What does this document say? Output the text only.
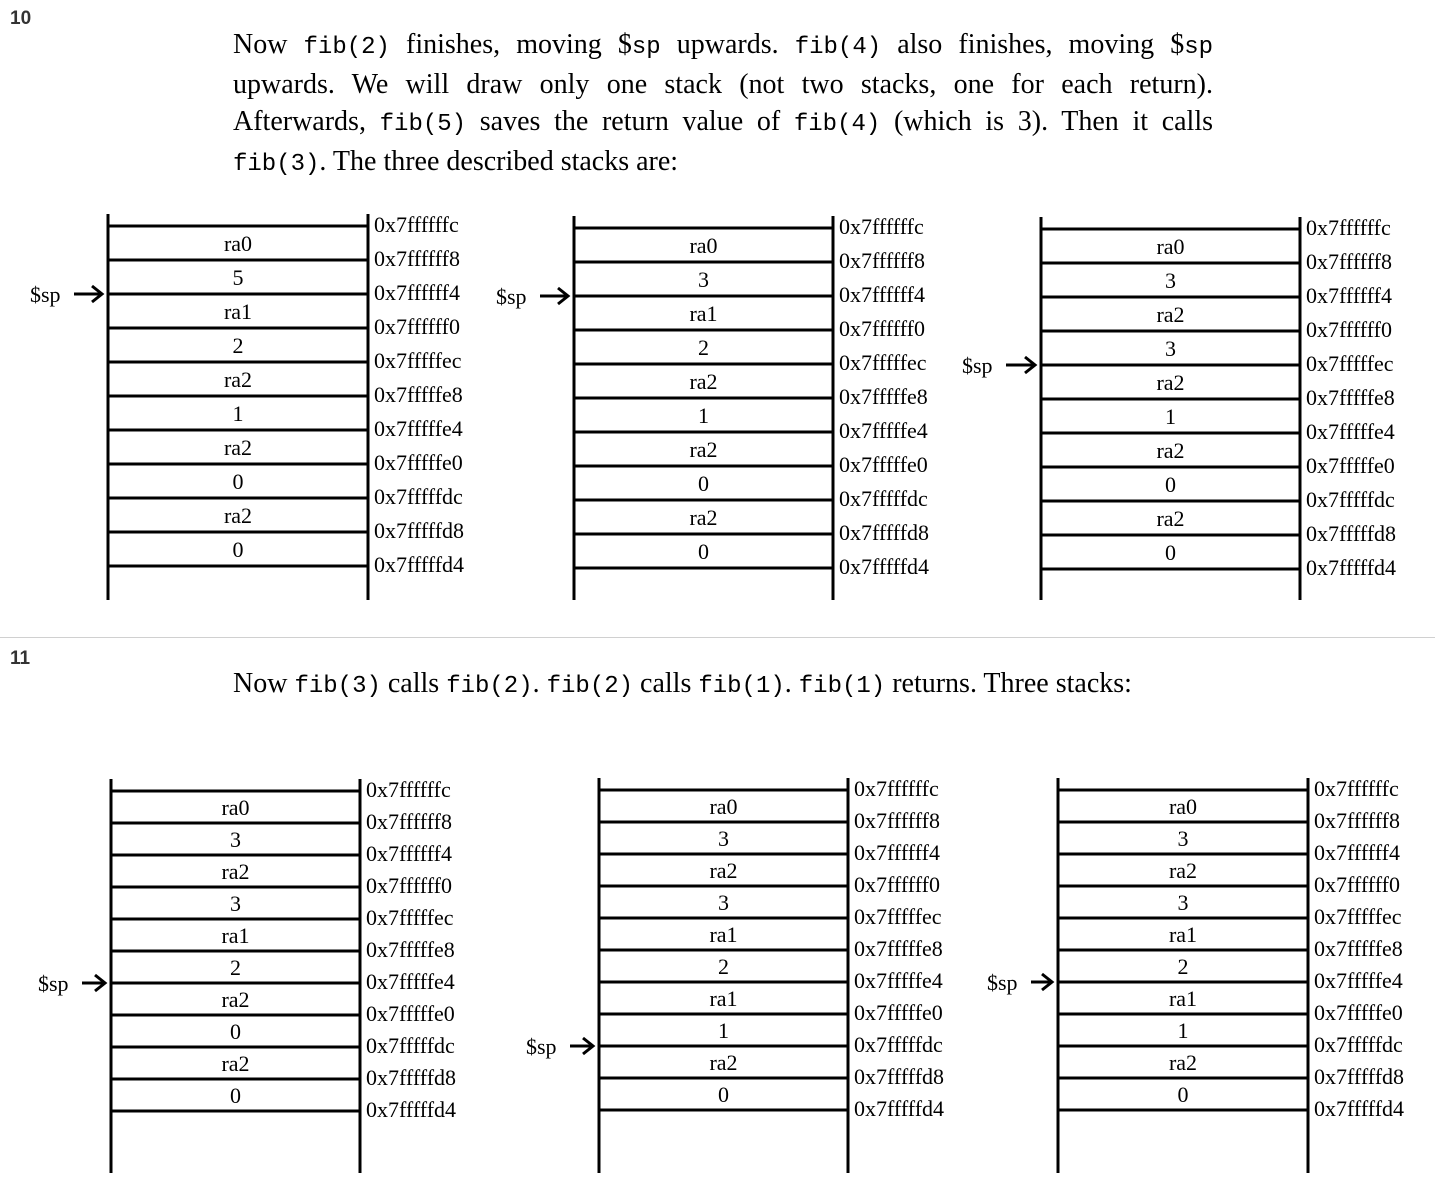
10

Now fib(2) finishes, moving $sp upwards. fib(4) also finishes, moving $sp upwards. We will draw only one stack (not two stacks, one for each return). Afterwards, fib(5) saves the return value of fib(4) (which is 3). Then it calls fib(3). The three described stacks are:

ra0
5
ra1
2
ra2
1
ra2
0
ra2
0
0x7ffffffc
0x7ffffff8
0x7ffffff4
0x7ffffff0
0x7fffffec
0x7fffffe8
0x7fffffe4
0x7fffffe0
0x7fffffdc
0x7fffffd8
0x7fffffd4
$sp
ra0
3
ra1
2
ra2
1
ra2
0
ra2
0
0x7ffffffc
0x7ffffff8
0x7ffffff4
0x7ffffff0
0x7fffffec
0x7fffffe8
0x7fffffe4
0x7fffffe0
0x7fffffdc
0x7fffffd8
0x7fffffd4
$sp
ra0
3
ra2
3
ra2
1
ra2
0
ra2
0
0x7ffffffc
0x7ffffff8
0x7ffffff4
0x7ffffff0
0x7fffffec
0x7fffffe8
0x7fffffe4
0x7fffffe0
0x7fffffdc
0x7fffffd8
0x7fffffd4
$sp
11

Now fib(3) calls fib(2). fib(2) calls fib(1). fib(1) returns. Three stacks:

ra0
3
ra2
3
ra1
2
ra2
0
ra2
0
0x7ffffffc
0x7ffffff8
0x7ffffff4
0x7ffffff0
0x7fffffec
0x7fffffe8
0x7fffffe4
0x7fffffe0
0x7fffffdc
0x7fffffd8
0x7fffffd4
$sp
ra0
3
ra2
3
ra1
2
ra1
1
ra2
0
0x7ffffffc
0x7ffffff8
0x7ffffff4
0x7ffffff0
0x7fffffec
0x7fffffe8
0x7fffffe4
0x7fffffe0
0x7fffffdc
0x7fffffd8
0x7fffffd4
$sp
ra0
3
ra2
3
ra1
2
ra1
1
ra2
0
0x7ffffffc
0x7ffffff8
0x7ffffff4
0x7ffffff0
0x7fffffec
0x7fffffe8
0x7fffffe4
0x7fffffe0
0x7fffffdc
0x7fffffd8
0x7fffffd4
$sp
